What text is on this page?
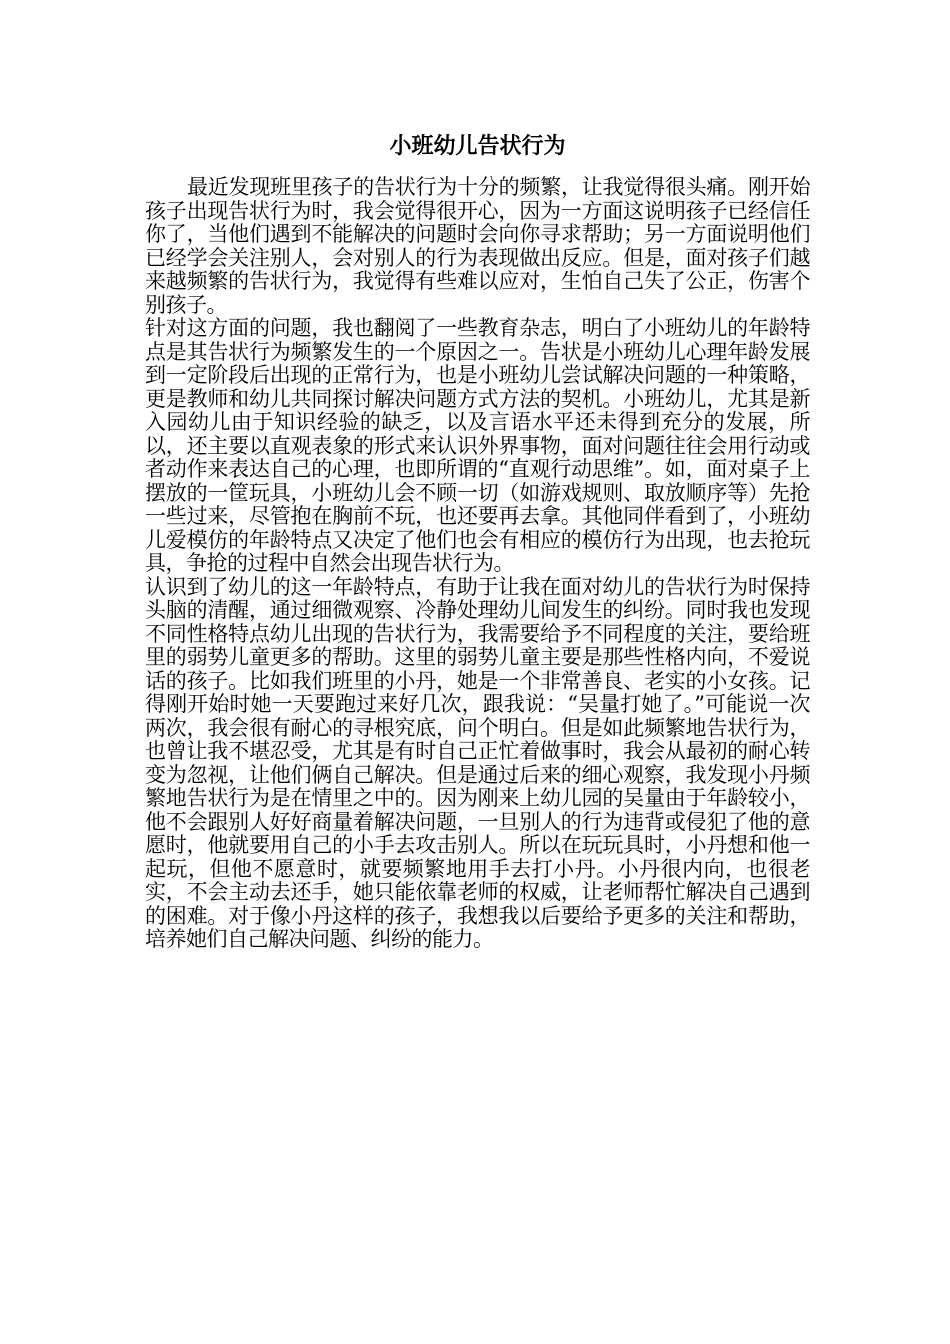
小班幼儿告状行为

最近发现班里孩子的告状行为十分的频繁，让我觉得很头痛。刚开始孩子出现告状行为时，我会觉得很开心，因为一方面这说明孩子已经信任你了，当他们遇到不能解决的问题时会向你寻求帮助；另一方面说明他们已经学会关注别人，会对别人的行为表现做出反应。但是，面对孩子们越来越频繁的告状行为，我觉得有些难以应对，生怕自己失了公正，伤害个别孩子。

针对这方面的问题，我也翻阅了一些教育杂志，明白了小班幼儿的年龄特点是其告状行为频繁发生的一个原因之一。告状是小班幼儿心理年龄发展到一定阶段后出现的正常行为，也是小班幼儿尝试解决问题的一种策略，更是教师和幼儿共同探讨解决问题方式方法的契机。小班幼儿，尤其是新入园幼儿由于知识经验的缺乏，以及言语水平还未得到充分的发展，所以，还主要以直观表象的形式来认识外界事物，面对问题往往会用行动或者动作来表达自己的心理，也即所谓的“直观行动思维”。如，面对桌子上摆放的一筐玩具，小班幼儿会不顾一切（如游戏规则、取放顺序等）先抢一些过来，尽管抱在胸前不玩，也还要再去拿。其他同伴看到了，小班幼儿爱模仿的年龄特点又决定了他们也会有相应的模仿行为出现，也去抢玩具，争抢的过程中自然会出现告状行为。

认识到了幼儿的这一年龄特点，有助于让我在面对幼儿的告状行为时保持头脑的清醒，通过细微观察、冷静处理幼儿间发生的纠纷。同时我也发现不同性格特点幼儿出现的告状行为，我需要给予不同程度的关注，要给班里的弱势儿童更多的帮助。这里的弱势儿童主要是那些性格内向，不爱说话的孩子。比如我们班里的小丹，她是一个非常善良、老实的小女孩。记得刚开始时她一天要跑过来好几次，跟我说：“吴量打她了。”可能说一次两次，我会很有耐心的寻根究底，问个明白。但是如此频繁地告状行为，也曾让我不堪忍受，尤其是有时自己正忙着做事时，我会从最初的耐心转变为忽视，让他们俩自己解决。但是通过后来的细心观察，我发现小丹频繁地告状行为是在情里之中的。因为刚来上幼儿园的吴量由于年龄较小，他不会跟别人好好商量着解决问题，一旦别人的行为违背或侵犯了他的意愿时，他就要用自己的小手去攻击别人。所以在玩玩具时，小丹想和他一起玩，但他不愿意时，就要频繁地用手去打小丹。小丹很内向，也很老实，不会主动去还手，她只能依靠老师的权威，让老师帮忙解决自己遇到的困难。对于像小丹这样的孩子，我想我以后要给予更多的关注和帮助，培养她们自己解决问题、纠纷的能力。
